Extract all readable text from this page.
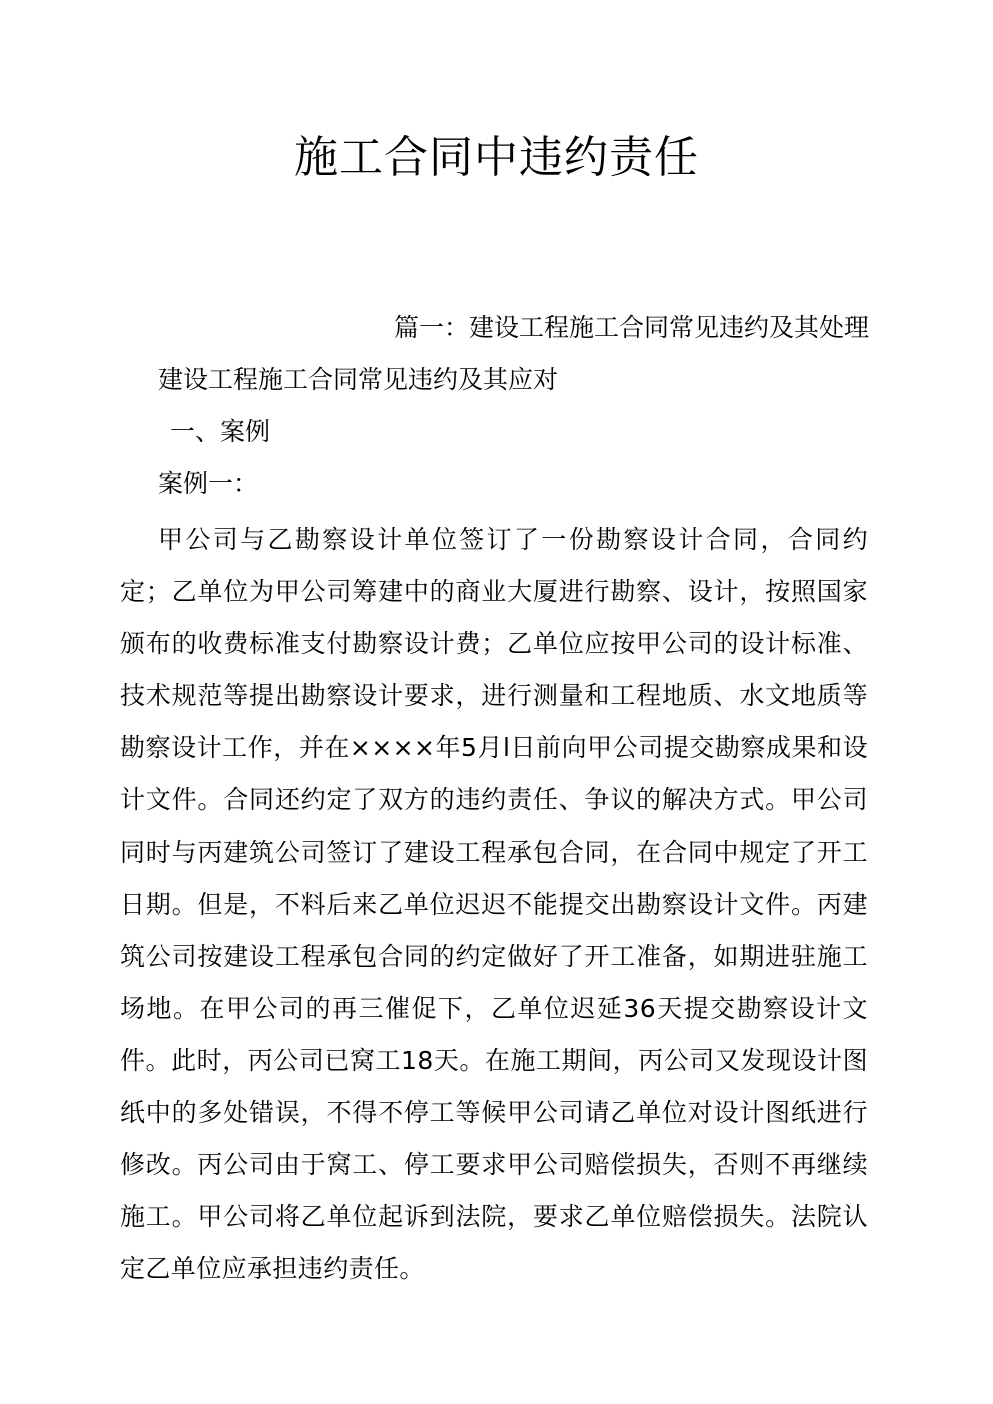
施工合同中违约责任

篇一：建设工程施工合同常见违约及其处理

建设工程施工合同常见违约及其应对

一、案例

案例一：

甲公司与乙勘察设计单位签订了一份勘察设计合同，合同约定；乙单位为甲公司筹建中的商业大厦进行勘察、设计，按照国家颁布的收费标准支付勘察设计费；乙单位应按甲公司的设计标准、技术规范等提出勘察设计要求，进行测量和工程地质、水文地质等勘察设计工作，并在××××年5月l日前向甲公司提交勘察成果和设计文件。合同还约定了双方的违约责任、争议的解决方式。甲公司同时与丙建筑公司签订了建设工程承包合同，在合同中规定了开工日期。但是，不料后来乙单位迟迟不能提交出勘察设计文件。丙建筑公司按建设工程承包合同的约定做好了开工准备，如期进驻施工场地。在甲公司的再三催促下，乙单位迟延36天提交勘察设计文件。此时，丙公司已窝工18天。在施工期间，丙公司又发现设计图纸中的多处错误，不得不停工等候甲公司请乙单位对设计图纸进行修改。丙公司由于窝工、停工要求甲公司赔偿损失，否则不再继续施工。甲公司将乙单位起诉到法院，要求乙单位赔偿损失。法院认定乙单位应承担违约责任。
